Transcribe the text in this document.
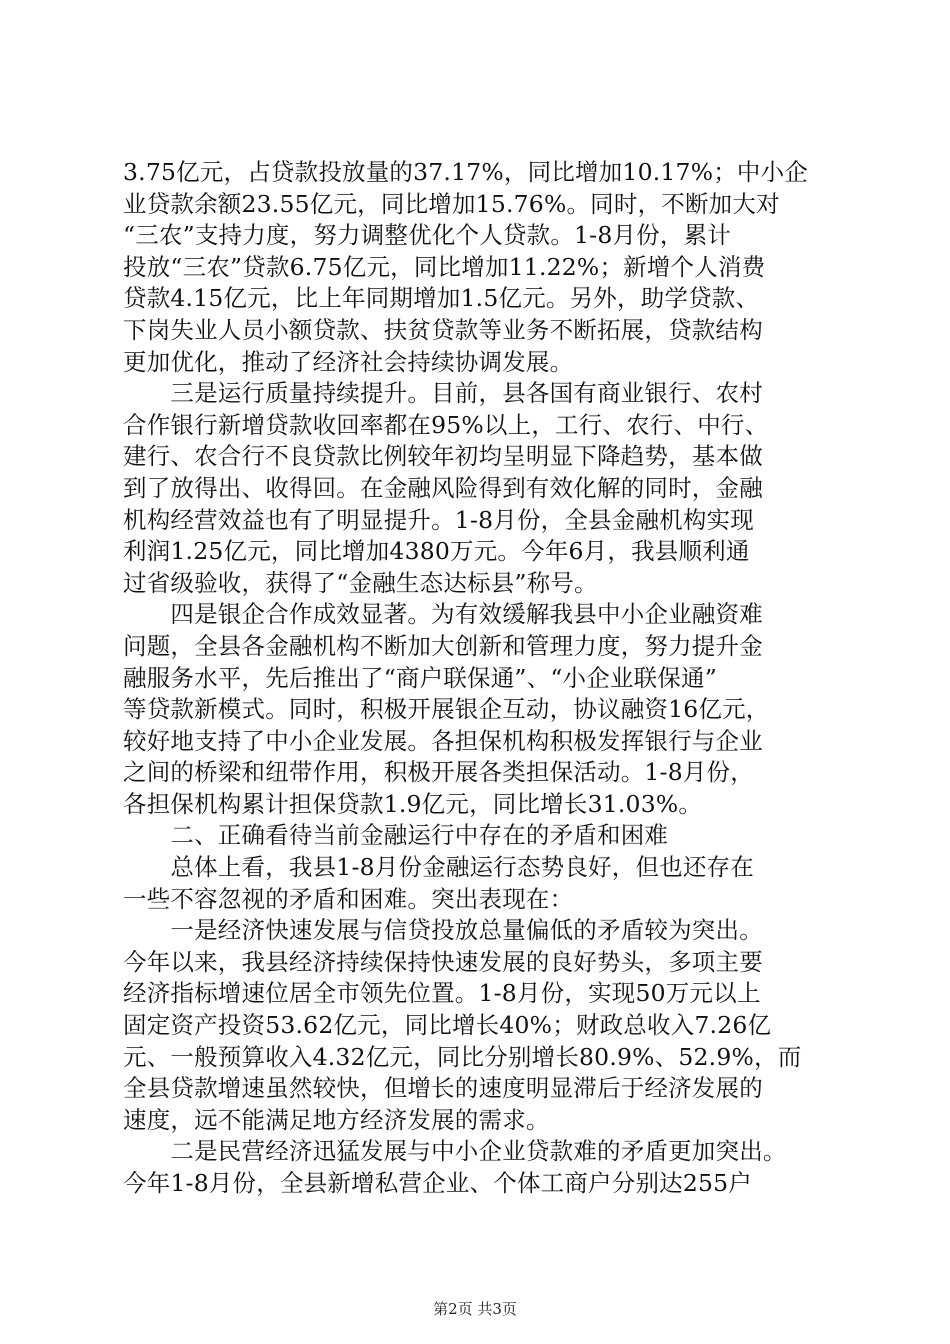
3.75亿元，占贷款投放量的37.17%，同比增加10.17%；中小企
业贷款余额23.55亿元，同比增加15.76%。同时，不断加大对
“三农”支持力度，努力调整优化个人贷款。1-8月份，累计
投放“三农”贷款6.75亿元，同比增加11.22%；新增个人消费
贷款4.15亿元，比上年同期增加1.5亿元。另外，助学贷款、
下岗失业人员小额贷款、扶贫贷款等业务不断拓展，贷款结构
更加优化，推动了经济社会持续协调发展。
　　三是运行质量持续提升。目前，县各国有商业银行、农村
合作银行新增贷款收回率都在95%以上，工行、农行、中行、
建行、农合行不良贷款比例较年初均呈明显下降趋势，基本做
到了放得出、收得回。在金融风险得到有效化解的同时，金融
机构经营效益也有了明显提升。1-8月份，全县金融机构实现
利润1.25亿元，同比增加4380万元。今年6月，我县顺利通
过省级验收，获得了“金融生态达标县”称号。
　　四是银企合作成效显著。为有效缓解我县中小企业融资难
问题，全县各金融机构不断加大创新和管理力度，努力提升金
融服务水平，先后推出了“商户联保通”、“小企业联保通”
等贷款新模式。同时，积极开展银企互动，协议融资16亿元，
较好地支持了中小企业发展。各担保机构积极发挥银行与企业
之间的桥梁和纽带作用，积极开展各类担保活动。1-8月份，
各担保机构累计担保贷款1.9亿元，同比增长31.03%。
　　二、正确看待当前金融运行中存在的矛盾和困难
　　总体上看，我县1-8月份金融运行态势良好，但也还存在
一些不容忽视的矛盾和困难。突出表现在：
　　一是经济快速发展与信贷投放总量偏低的矛盾较为突出。
今年以来，我县经济持续保持快速发展的良好势头，多项主要
经济指标增速位居全市领先位置。1-8月份，实现50万元以上
固定资产投资53.62亿元，同比增长40%；财政总收入7.26亿
元、一般预算收入4.32亿元，同比分别增长80.9%、52.9%，而
全县贷款增速虽然较快，但增长的速度明显滞后于经济发展的
速度，远不能满足地方经济发展的需求。
　　二是民营经济迅猛发展与中小企业贷款难的矛盾更加突出。
今年1-8月份，全县新增私营企业、个体工商户分别达255户
第2页 共3页
